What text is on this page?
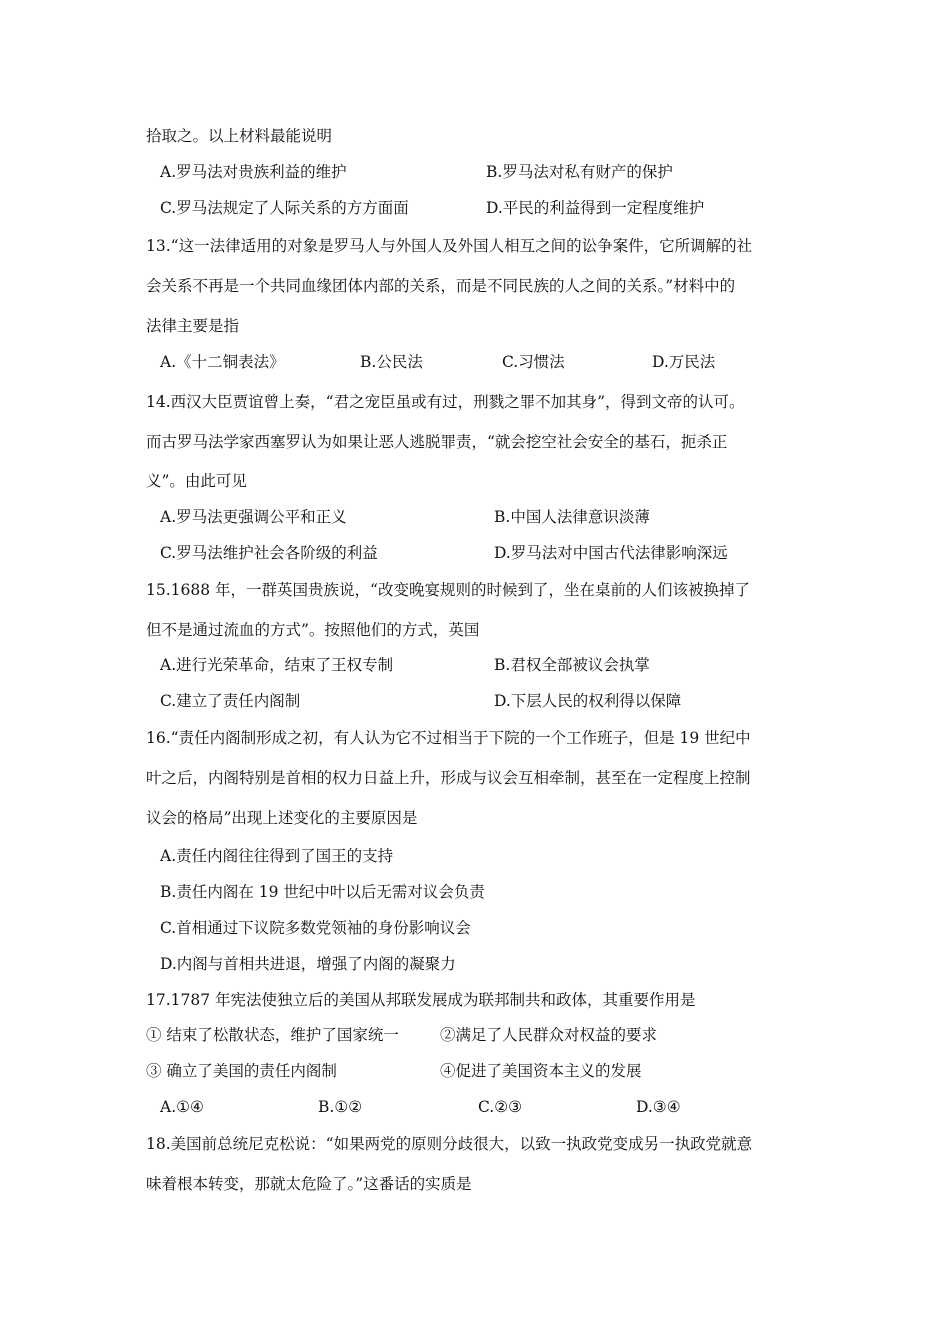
拾取之。以上材料最能说明
A.罗马法对贵族利益的维护	B.罗马法对私有财产的保护
C.罗马法规定了人际关系的方方面面	D.平民的利益得到一定程度维护
13.“这一法律适用的对象是罗马人与外国人及外国人相互之间的讼争案件，它所调解的社
会关系不再是一个共同血缘团体内部的关系，而是不同民族的人之间的关系。”材料中的
法律主要是指
A.《十二铜表法》	B.公民法	C.习惯法	D.万民法
14.西汉大臣贾谊曾上奏，“君之宠臣虽或有过，刑戮之罪不加其身”，得到文帝的认可。
而古罗马法学家西塞罗认为如果让恶人逃脱罪责，“就会挖空社会安全的基石，扼杀正
义”。由此可见
A.罗马法更强调公平和正义	B.中国人法律意识淡薄
C.罗马法维护社会各阶级的利益	D.罗马法对中国古代法律影响深远
15.1688 年，一群英国贵族说，“改变晚宴规则的时候到了，坐在桌前的人们该被换掉了
但不是通过流血的方式”。按照他们的方式，英国
A.进行光荣革命，结束了王权专制	B.君权全部被议会执掌
C.建立了责任内阁制	D.下层人民的权利得以保障
16.“责任内阁制形成之初，有人认为它不过相当于下院的一个工作班子，但是 19 世纪中
叶之后，内阁特别是首相的权力日益上升，形成与议会互相牵制，甚至在一定程度上控制
议会的格局”出现上述变化的主要原因是
A.责任内阁往往得到了国王的支持
B.责任内阁在 19 世纪中叶以后无需对议会负责
C.首相通过下议院多数党领袖的身份影响议会
D.内阁与首相共进退，增强了内阁的凝聚力
17.1787 年宪法使独立后的美国从邦联发展成为联邦制共和政体，其重要作用是
① 结束了松散状态，维护了国家统一	②满足了人民群众对权益的要求
③ 确立了美国的责任内阁制	④促进了美国资本主义的发展
A.①④	B.①②	C.②③	D.③④
18.美国前总统尼克松说：“如果两党的原则分歧很大，以致一执政党变成另一执政党就意
味着根本转变，那就太危险了。”这番话的实质是
